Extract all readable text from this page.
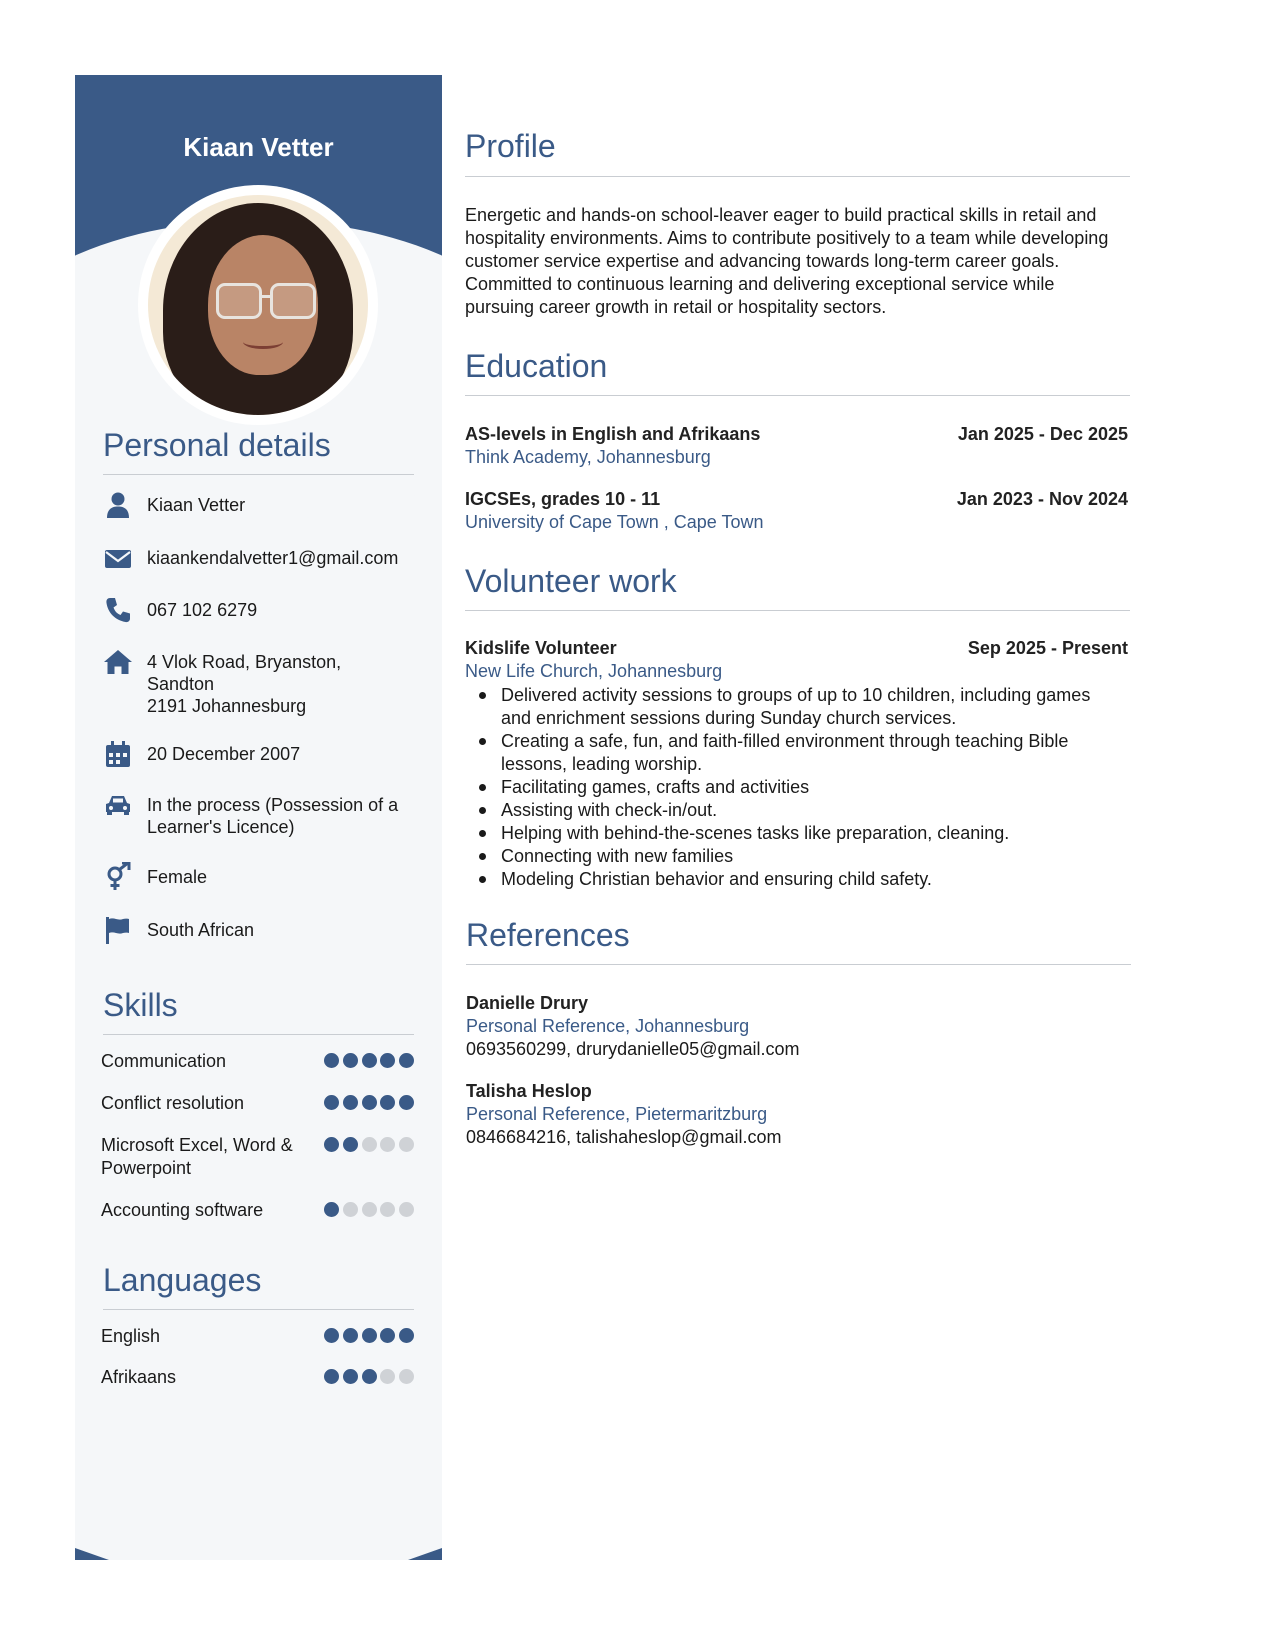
Kiaan Vetter
Personal details
Kiaan Vetter
kiaankendalvetter1@gmail.com
067 102 6279
4 Vlok Road, Bryanston,
Sandton
2191 Johannesburg
20 December 2007
In the process (Possession of a
Learner's Licence)
Female
South African
Skills
Communication
Conflict resolution
Microsoft Excel, Word &
Powerpoint
Accounting software
Languages
English
Afrikaans
Profile
Energetic and hands-on school-leaver eager to build practical skills in retail and
hospitality environments. Aims to contribute positively to a team while developing
customer service expertise and advancing towards long-term career goals.
Committed to continuous learning and delivering exceptional service while
pursuing career growth in retail or hospitality sectors.
Education
AS-levels in English and Afrikaans	Jan 2025 - Dec 2025
Think Academy, Johannesburg
IGCSEs, grades 10 - 11	Jan 2023 - Nov 2024
University of Cape Town , Cape Town
Volunteer work
Kidslife Volunteer	Sep 2025 - Present
New Life Church, Johannesburg
Delivered activity sessions to groups of up to 10 children, including games
and enrichment sessions during Sunday church services.
Creating a safe, fun, and faith-filled environment through teaching Bible
lessons, leading worship.
Facilitating games, crafts and activities
Assisting with check-in/out.
Helping with behind-the-scenes tasks like preparation, cleaning.
Connecting with new families
Modeling Christian behavior and ensuring child safety.
References
Danielle Drury
Personal Reference, Johannesburg
0693560299, drurydanielle05@gmail.com
Talisha Heslop
Personal Reference, Pietermaritzburg
0846684216, talishaheslop@gmail.com
